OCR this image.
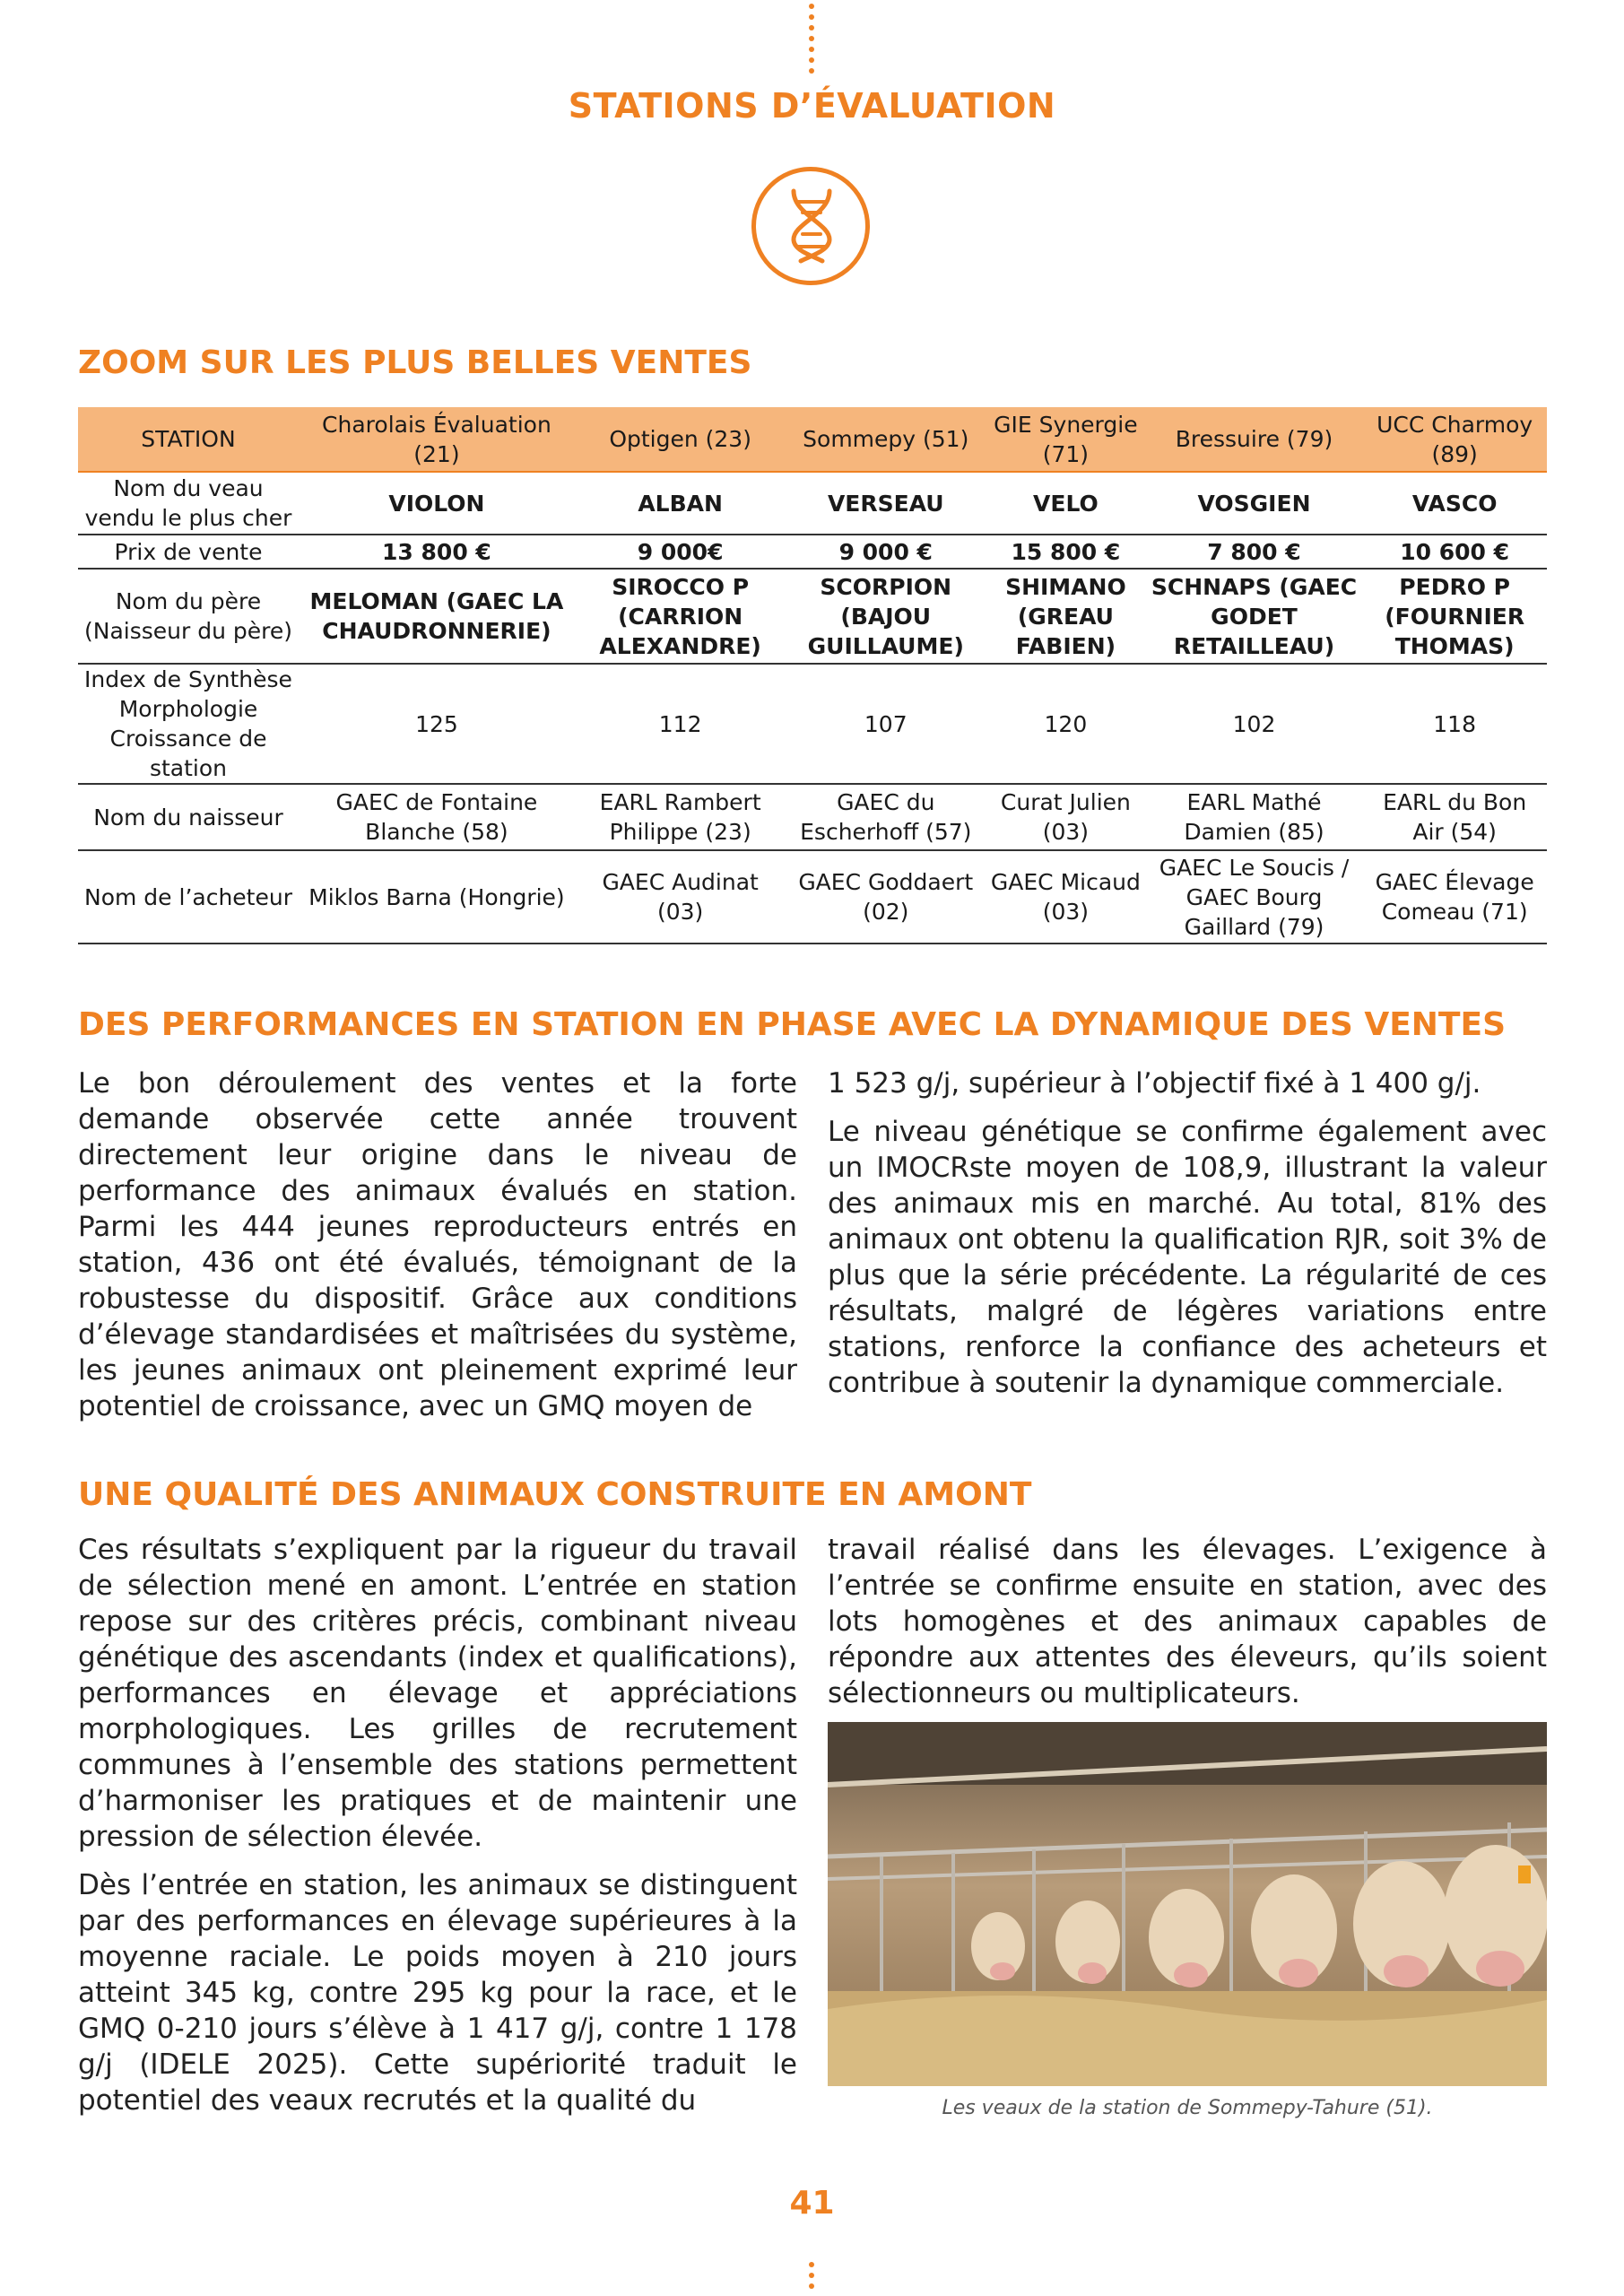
STATIONS D’ÉVALUATION
ZOOM SUR LES PLUS BELLES VENTES
STATION	Charolais Évaluation (21)	Optigen (23)	Sommepy (51)	GIE Synergie (71)	Bressuire (79)	UCC Charmoy (89)
Nom du veau vendu le plus cher	VIOLON	ALBAN	VERSEAU	VELO	VOSGIEN	VASCO
Prix de vente	13 800 €	9 000€	9 000 €	15 800 €	7 800 €	10 600 €
Nom du père (Naisseur du père)	MELOMAN (GAEC LA CHAUDRONNERIE)	SIROCCO P (CARRION ALEXANDRE)	SCORPION (BAJOU GUILLAUME)	SHIMANO (GREAU FABIEN)	SCHNAPS (GAEC GODET RETAILLEAU)	PEDRO P (FOURNIER THOMAS)
Index de Synthèse Morphologie Croissance de station	125	112	107	120	102	118
Nom du naisseur	GAEC de Fontaine Blanche (58)	EARL Rambert Philippe (23)	GAEC du Escherhoff (57)	Curat Julien (03)	EARL Mathé Damien (85)	EARL du Bon Air (54)
Nom de l’acheteur	Miklos Barna (Hongrie)	GAEC Audinat (03)	GAEC Goddaert (02)	GAEC Micaud (03)	GAEC Le Soucis / GAEC Bourg Gaillard (79)	GAEC Élevage Comeau (71)
DES PERFORMANCES EN STATION EN PHASE AVEC LA DYNAMIQUE DES VENTES

Le bon déroulement des ventes et la forte demande observée cette année trouvent directement leur origine dans le niveau de performance des animaux évalués en station. Parmi les 444 jeunes reproducteurs entrés en station, 436 ont été évalués, témoignant de la robustesse du dispositif. Grâce aux conditions d’élevage standardisées et maîtrisées du système, les jeunes animaux ont pleinement exprimé leur potentiel de croissance, avec un GMQ moyen de

1 523 g/j, supérieur à l’objectif fixé à 1 400 g/j.

Le niveau génétique se confirme également avec un IMOCRste moyen de 108,9, illustrant la valeur des animaux mis en marché. Au total, 81% des animaux ont obtenu la qualification RJR, soit 3% de plus que la série précédente. La régularité de ces résultats, malgré de légères variations entre stations, renforce la confiance des acheteurs et contribue à soutenir la dynamique commerciale.

UNE QUALITÉ DES ANIMAUX CONSTRUITE EN AMONT

Ces résultats s’expliquent par la rigueur du travail de sélection mené en amont. L’entrée en station repose sur des critères précis, combinant niveau génétique des ascendants (index et qualifications), performances en élevage et appréciations morphologiques. Les grilles de recrutement communes à l’ensemble des stations permettent d’harmoniser les pratiques et de maintenir une pression de sélection élevée.

Dès l’entrée en station, les animaux se distinguent par des performances en élevage supérieures à la moyenne raciale. Le poids moyen à 210 jours atteint 345 kg, contre 295 kg pour la race, et le GMQ 0-210 jours s’élève à 1 417 g/j, contre 1 178 g/j (IDELE 2025). Cette supériorité traduit le potentiel des veaux recrutés et la qualité du

travail réalisé dans les élevages. L’exigence à l’entrée se confirme ensuite en station, avec des lots homogènes et des animaux capables de répondre aux attentes des éleveurs, qu’ils soient sélectionneurs ou multiplicateurs.

Les veaux de la station de Sommepy-Tahure (51).
41
